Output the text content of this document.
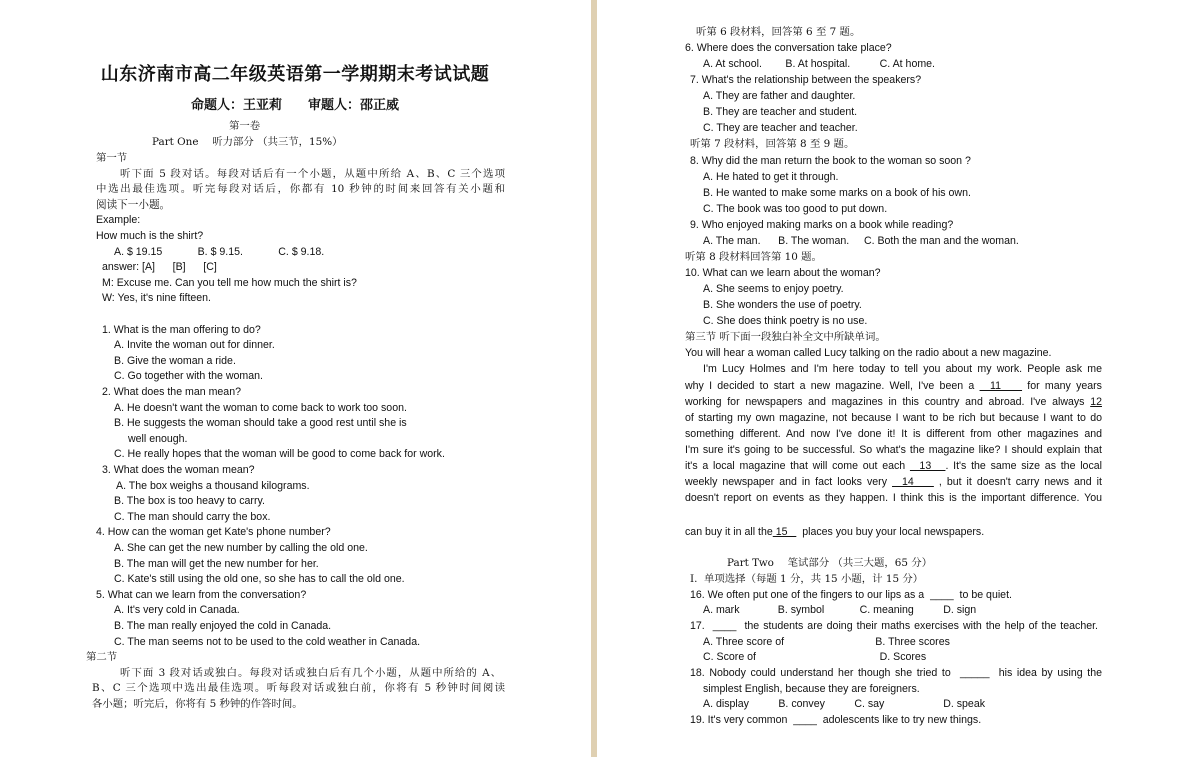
山东济南市高二年级英语第一学期期末考试试题
命题人：王亚莉　　审题人：邵正威
第一卷
Part One　 听力部分 （共三节，15%）
第一节
听下面 5 段对话。每段对话后有一个小题，从题中所给 A、B、C 三个选项
中选出最佳选项。听完每段对话后，你都有 10 秒钟的时间来回答有关小题和
阅读下一小题。
Example:
How much is the shirt?
A. $ 19.15            B. $ 9.15.            C. $ 9.18.
answer: [A]      [B]      [C]
M: Excuse me. Can you tell me how much the shirt is?
W: Yes, it's nine fifteen.
1. What is the man offering to do?
A. Invite the woman out for dinner.
B. Give the woman a ride.
C. Go together with the woman.
2. What does the man mean?
A. He doesn't want the woman to come back to work too soon.
B. He suggests the woman should take a good rest until she is
well enough.
C. He really hopes that the woman will be good to come back for work.
3. What does the woman mean?
A. The box weighs a thousand kilograms.
B. The box is too heavy to carry.
C. The man should carry the box.
4. How can the woman get Kate's phone number?
A. She can get the new number by calling the old one.
B. The man will get the new number for her.
C. Kate's still using the old one, so she has to call the old one.
5. What can we learn from the conversation?
A. It's very cold in Canada.
B. The man really enjoyed the cold in Canada.
C. The man seems not to be used to the cold weather in Canada.
第二节
听下面 3 段对话或独白。每段对话或独白后有几个小题，从题中所给的 A、
B、C 三个选项中选出最佳选项。听每段对话或独白前，你将有 5 秒钟时间阅读
各小题；听完后，你将有 5 秒钟的作答时间。
听第 6 段材料，回答第 6 至 7 题。
6. Where does the conversation take place?
A. At school.        B. At hospital.          C. At home.
7. What's the relationship between the speakers?
A. They are father and daughter.
B. They are teacher and student.
C. They are teacher and teacher.
听第 7 段材料，回答第 8 至 9 题。
8. Why did the man return the book to the woman so soon ?
A. He hated to get it through.
B. He wanted to make some marks on a book of his own.
C. The book was too good to put down.
9. Who enjoyed making marks on a book while reading?
A. The man.      B. The woman.     C. Both the man and the woman.
听第 8 段材料回答第 10 题。
10. What can we learn about the woman?
A. She seems to enjoy poetry.
B. She wonders the use of poetry.
C. She does think poetry is no use.
第三节 听下面一段独白补全文中所缺单词。
You will hear a woman called Lucy talking on the radio about a new magazine.
I'm Lucy Holmes and I'm here today to tell you about my work. People ask me
why I decided to start a new magazine. Well, I've been a   11     for many years
working for newspapers and magazines in this country and abroad. I've always 12
of starting my own magazine, not because I want to be rich but because I want to do
something different. And now I've done it! It is different from other magazines and
I'm sure it's going to be successful. So what's the magazine like? I should explain that
it's a local magazine that will come out each   13   . It's the same size as the local
weekly newspaper and in fact looks very   14     , but it doesn't carry news and it
doesn't report on events as they happen. I think this is the important difference. You
can buy it in all the 15     places you buy your local newspapers.
Part Two　 笔试部分 （共三大题，65 分）
I.  单项选择（每题 1 分，共 15 小题，计 15 分）
16. We often put one of the fingers to our lips as a  ____  to be quiet.
A. mark             B. symbol            C. meaning          D. sign
17.  ____  the students are doing their maths exercises with the help of the teacher.
A. Three score of                               B. Three scores
C. Score of                                          D. Scores
18. Nobody could understand her though she tried to  _____  his idea by using the
simplest English, because they are foreigners.
A. display          B. convey          C. say                    D. speak
19. It's very common  ____  adolescents like to try new things.
